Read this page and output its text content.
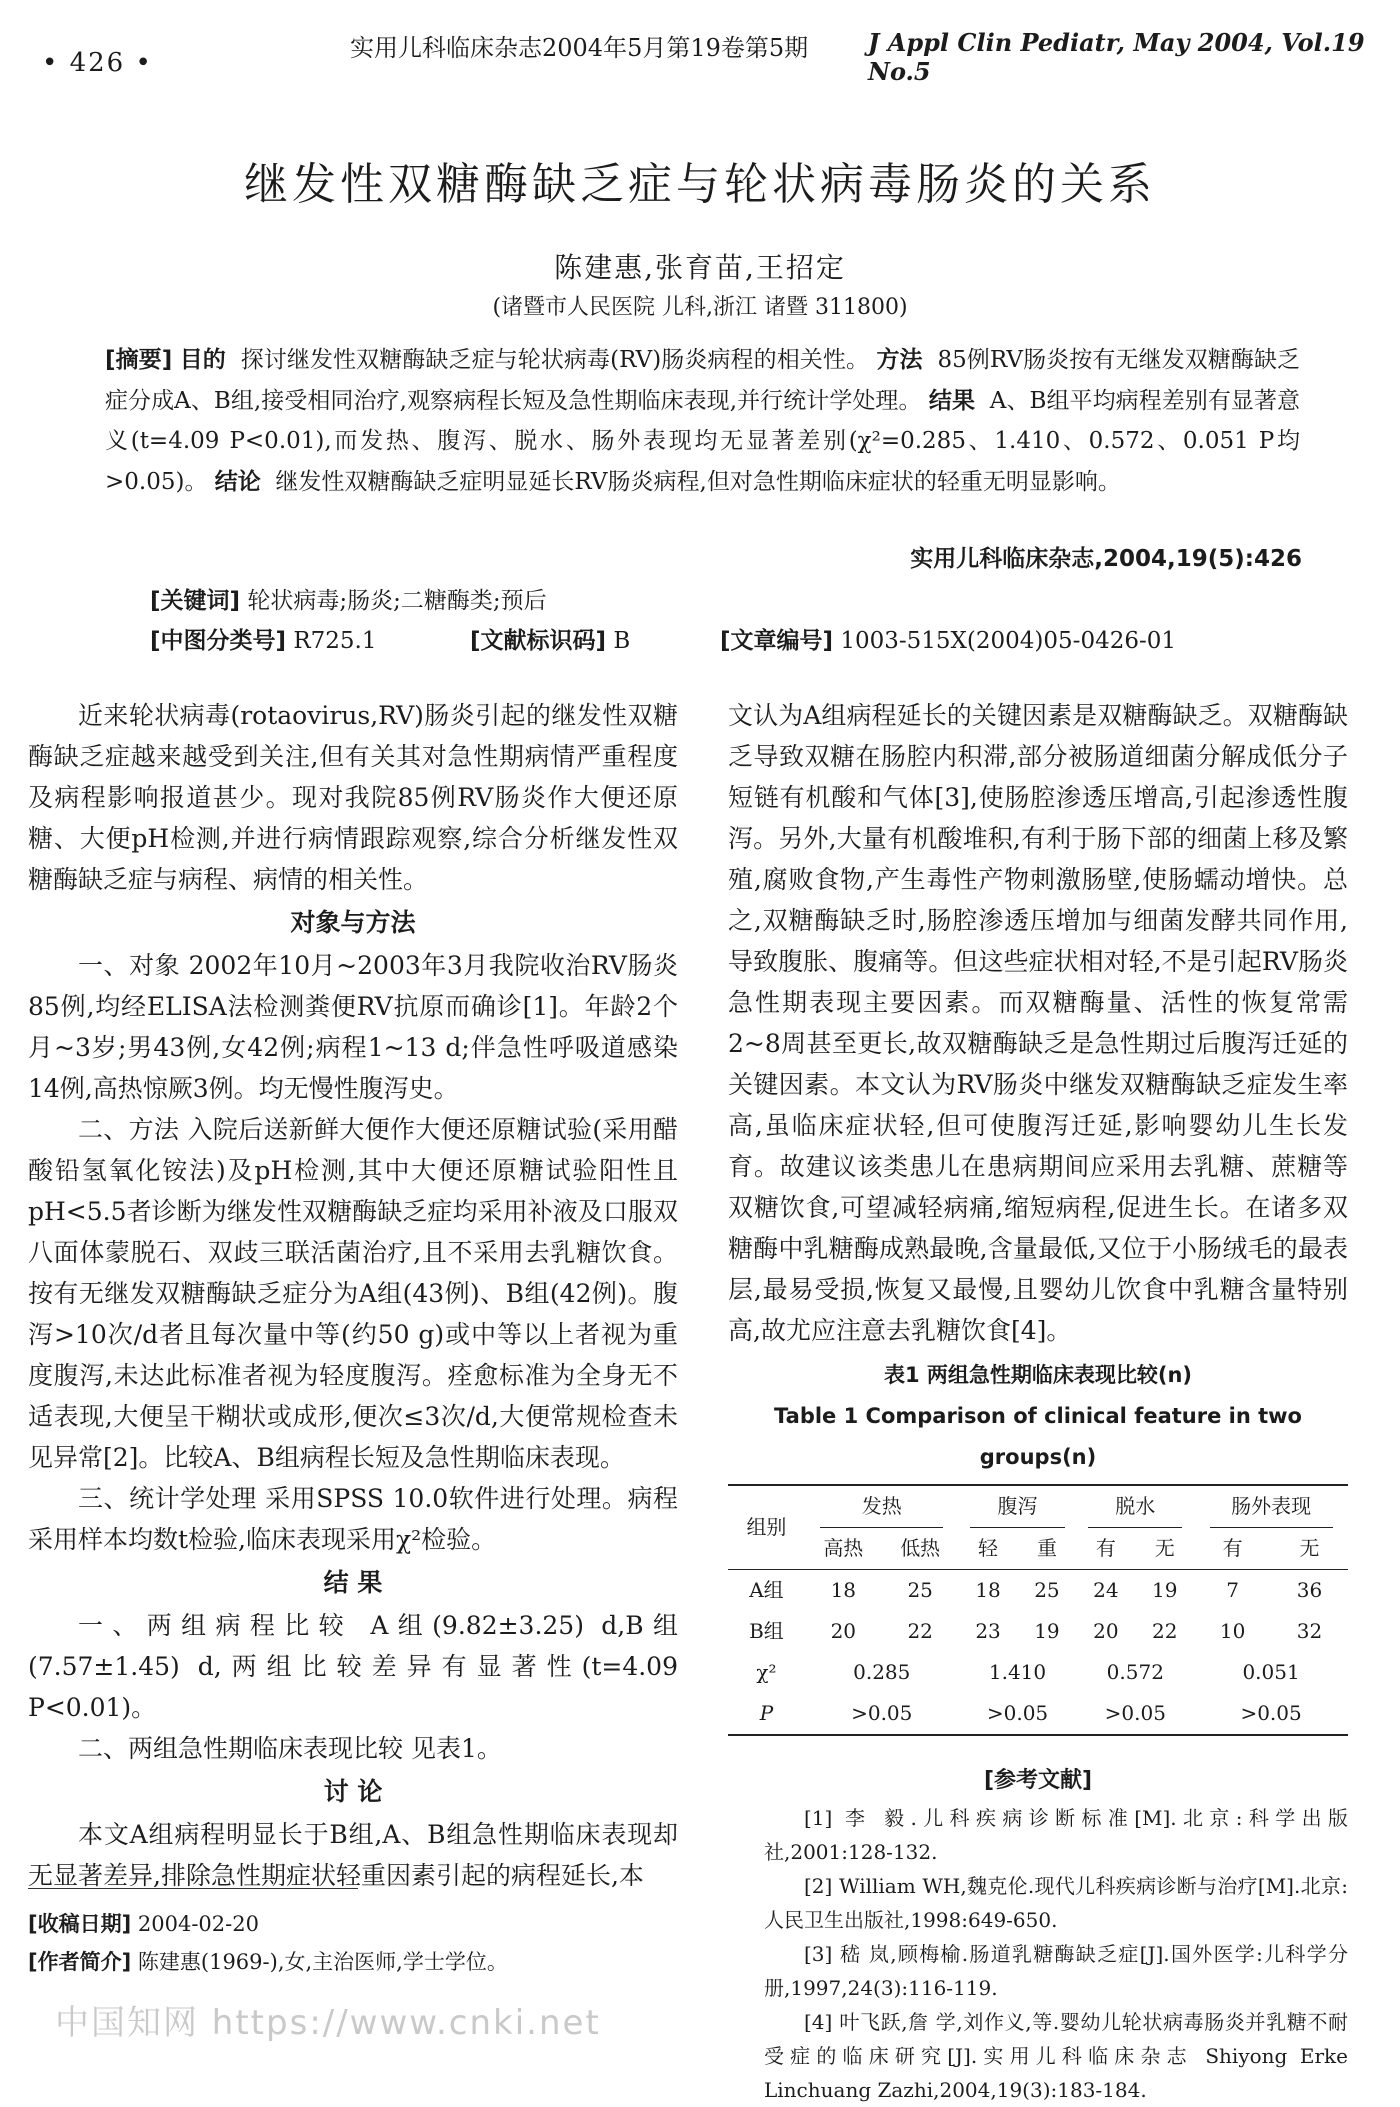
• 426 •	实用儿科临床杂志2004年5月第19卷第5期 J Appl Clin Pediatr, May 2004, Vol.19 No.5
继发性双糖酶缺乏症与轮状病毒肠炎的关系
陈建惠,张育苗,王招定
(诸暨市人民医院 儿科,浙江 诸暨 311800)
[摘要] 目的 探讨继发性双糖酶缺乏症与轮状病毒(RV)肠炎病程的相关性。 方法 85例RV肠炎按有无继发双糖酶缺乏症分成A、B组,接受相同治疗,观察病程长短及急性期临床表现,并行统计学处理。 结果 A、B组平均病程差别有显著意义(t=4.09 P<0.01),而发热、腹泻、脱水、肠外表现均无显著差别(χ²=0.285、1.410、0.572、0.051 P均>0.05)。 结论 继发性双糖酶缺乏症明显延长RV肠炎病程,但对急性期临床症状的轻重无明显影响。
实用儿科临床杂志,2004,19(5):426
[关键词] 轮状病毒;肠炎;二糖酶类;预后
[中图分类号] R725.1	[文献标识码] B	[文章编号] 1003-515X(2004)05-0426-01

近来轮状病毒(rotaovirus,RV)肠炎引起的继发性双糖酶缺乏症越来越受到关注,但有关其对急性期病情严重程度及病程影响报道甚少。现对我院85例RV肠炎作大便还原糖、大便pH检测,并进行病情跟踪观察,综合分析继发性双糖酶缺乏症与病程、病情的相关性。

对象与方法

一、对象 2002年10月~2003年3月我院收治RV肠炎85例,均经ELISA法检测粪便RV抗原而确诊[1]。年龄2个月~3岁;男43例,女42例;病程1~13 d;伴急性呼吸道感染14例,高热惊厥3例。均无慢性腹泻史。

二、方法 入院后送新鲜大便作大便还原糖试验(采用醋酸铅氢氧化铵法)及pH检测,其中大便还原糖试验阳性且pH<5.5者诊断为继发性双糖酶缺乏症均采用补液及口服双八面体蒙脱石、双歧三联活菌治疗,且不采用去乳糖饮食。按有无继发双糖酶缺乏症分为A组(43例)、B组(42例)。腹泻>10次/d者且每次量中等(约50 g)或中等以上者视为重度腹泻,未达此标准者视为轻度腹泻。痊愈标准为全身无不适表现,大便呈干糊状或成形,便次≤3次/d,大便常规检查未见异常[2]。比较A、B组病程长短及急性期临床表现。

三、统计学处理 采用SPSS 10.0软件进行处理。病程采用样本均数t检验,临床表现采用χ²检验。

结 果

一、两组病程比较 A组(9.82±3.25) d,B组(7.57±1.45) d,两组比较差异有显著性(t=4.09 P<0.01)。

二、两组急性期临床表现比较 见表1。

讨 论

本文A组病程明显长于B组,A、B组急性期临床表现却无显著差异,排除急性期症状轻重因素引起的病程延长,本

文认为A组病程延长的关键因素是双糖酶缺乏。双糖酶缺乏导致双糖在肠腔内积滞,部分被肠道细菌分解成低分子短链有机酸和气体[3],使肠腔渗透压增高,引起渗透性腹泻。另外,大量有机酸堆积,有利于肠下部的细菌上移及繁殖,腐败食物,产生毒性产物刺激肠壁,使肠蠕动增快。总之,双糖酶缺乏时,肠腔渗透压增加与细菌发酵共同作用,导致腹胀、腹痛等。但这些症状相对轻,不是引起RV肠炎急性期表现主要因素。而双糖酶量、活性的恢复常需2~8周甚至更长,故双糖酶缺乏是急性期过后腹泻迁延的关键因素。本文认为RV肠炎中继发双糖酶缺乏症发生率高,虽临床症状轻,但可使腹泻迁延,影响婴幼儿生长发育。故建议该类患儿在患病期间应采用去乳糖、蔗糖等双糖饮食,可望减轻病痛,缩短病程,促进生长。在诸多双糖酶中乳糖酶成熟最晚,含量最低,又位于小肠绒毛的最表层,最易受损,恢复又最慢,且婴幼儿饮食中乳糖含量特别高,故尤应注意去乳糖饮食[4]。

表1 两组急性期临床表现比较(n)
Table 1 Comparison of clinical feature in two groups(n)
组别	发热		腹泻		脱水		肠外表现	
	高热	低热	轻	重	有	无	有	无
A组	18	25	18	25	24	19	7	36
B组	20	22	23	19	20	22	10	32
χ²	0.285		1.410		0.572		0.051	
P	>0.05		>0.05		>0.05		>0.05	
[参考文献]

[1] 李 毅.儿科疾病诊断标准[M].北京:科学出版社,2001:128-132.

[2] William WH,魏克伦.现代儿科疾病诊断与治疗[M].北京:人民卫生出版社,1998:649-650.

[3] 嵇 岚,顾梅榆.肠道乳糖酶缺乏症[J].国外医学:儿科学分册,1997,24(3):116-119.

[4] 叶飞跃,詹 学,刘作义,等.婴幼儿轮状病毒肠炎并乳糖不耐受症的临床研究[J].实用儿科临床杂志 Shiyong Erke Linchuang Zazhi,2004,19(3):183-184.

[收稿日期] 2004-02-20
[作者简介] 陈建惠(1969-),女,主治医师,学士学位。
中国知网 https://www.cnki.net
